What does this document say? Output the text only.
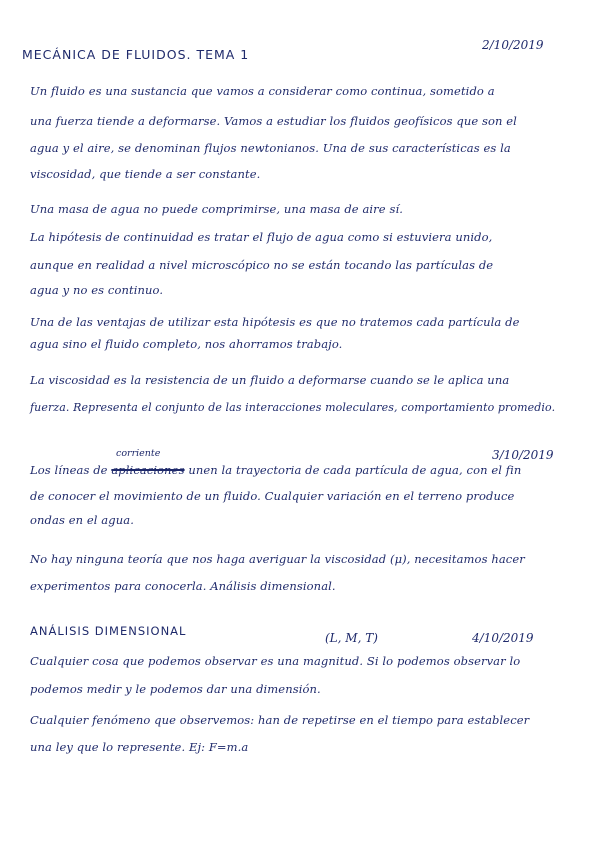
MECÁNICA DE FLUIDOS. TEMA 1
2/10/2019
Un fluido es una sustancia que vamos a considerar como continua, sometido a
una fuerza tiende a deformarse. Vamos a estudiar los fluidos geofísicos que son el
agua y el aire, se denominan flujos newtonianos. Una de sus características es la
viscosidad, que tiende a ser constante.
Una masa de agua no puede comprimirse, una masa de aire sí.
La hipótesis de continuidad es tratar el flujo de agua como si estuviera unido,
aunque en realidad a nivel microscópico no se están tocando las partículas de
agua y no es continuo.
Una de las ventajas de utilizar esta hipótesis es que no tratemos cada partícula de
agua sino el fluido completo, nos ahorramos trabajo.
La viscosidad es la resistencia de un fluido a deformarse cuando se le aplica una
fuerza. Representa el conjunto de las interacciones moleculares, comportamiento promedio.
3/10/2019
corriente
Los líneas de aplicaciones unen la trayectoria de cada partícula de agua, con el fin
de conocer el movimiento de un fluido. Cualquier variación en el terreno produce
ondas en el agua.
No hay ninguna teoría que nos haga averiguar la viscosidad (μ), necesitamos hacer
experimentos para conocerla. Análisis dimensional.
ANÁLISIS DIMENSIONAL	(L, M, T)	4/10/2019
Cualquier cosa que podemos observar es una magnitud. Si lo podemos observar lo
podemos medir y le podemos dar una dimensión.
Cualquier fenómeno que observemos: han de repetirse en el tiempo para establecer
una ley que lo represente. Ej: F=m.a
